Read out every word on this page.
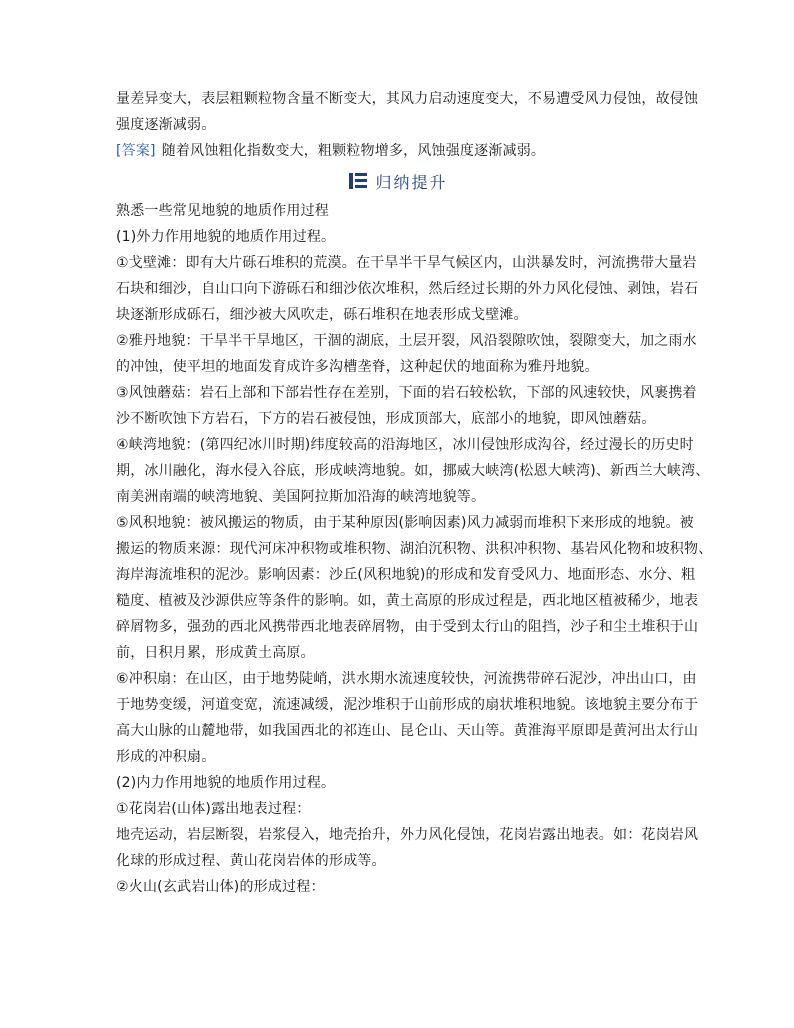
量差异变大，表层粗颗粒物含量不断变大，其风力启动速度变大，不易遭受风力侵蚀，故侵蚀
强度逐渐减弱。
[答案] 随着风蚀粗化指数变大，粗颗粒物增多，风蚀强度逐渐减弱。
归纳提升
熟悉一些常见地貌的地质作用过程
(1)外力作用地貌的地质作用过程。
①戈壁滩：即有大片砾石堆积的荒漠。在干旱半干旱气候区内，山洪暴发时，河流携带大量岩
石块和细沙，自山口向下游砾石和细沙依次堆积，然后经过长期的外力风化侵蚀、剥蚀，岩石
块逐渐形成砾石，细沙被大风吹走，砾石堆积在地表形成戈壁滩。
②雅丹地貌：干旱半干旱地区，干涸的湖底，土层开裂，风沿裂隙吹蚀，裂隙变大，加之雨水
的冲蚀，使平坦的地面发育成许多沟槽垄脊，这种起伏的地面称为雅丹地貌。
③风蚀蘑菇：岩石上部和下部岩性存在差别，下面的岩石较松软，下部的风速较快，风裹携着
沙不断吹蚀下方岩石，下方的岩石被侵蚀，形成顶部大，底部小的地貌，即风蚀蘑菇。
④峡湾地貌：(第四纪冰川时期)纬度较高的沿海地区，冰川侵蚀形成沟谷，经过漫长的历史时
期，冰川融化，海水侵入谷底，形成峡湾地貌。如，挪威大峡湾(松恩大峡湾)、新西兰大峡湾、
南美洲南端的峡湾地貌、美国阿拉斯加沿海的峡湾地貌等。
⑤风积地貌：被风搬运的物质，由于某种原因(影响因素)风力减弱而堆积下来形成的地貌。被
搬运的物质来源：现代河床冲积物或堆积物、湖泊沉积物、洪积冲积物、基岩风化物和坡积物、
海岸海流堆积的泥沙。影响因素：沙丘(风积地貌)的形成和发育受风力、地面形态、水分、粗
糙度、植被及沙源供应等条件的影响。如，黄土高原的形成过程是，西北地区植被稀少，地表
碎屑物多，强劲的西北风携带西北地表碎屑物，由于受到太行山的阻挡，沙子和尘土堆积于山
前，日积月累，形成黄土高原。
⑥冲积扇：在山区，由于地势陡峭，洪水期水流速度较快，河流携带碎石泥沙，冲出山口，由
于地势变缓，河道变宽，流速减缓，泥沙堆积于山前形成的扇状堆积地貌。该地貌主要分布于
高大山脉的山麓地带，如我国西北的祁连山、昆仑山、天山等。黄淮海平原即是黄河出太行山
形成的冲积扇。
(2)内力作用地貌的地质作用过程。
①花岗岩(山体)露出地表过程：
地壳运动，岩层断裂，岩浆侵入，地壳抬升，外力风化侵蚀，花岗岩露出地表。如：花岗岩风
化球的形成过程、黄山花岗岩体的形成等。
②火山(玄武岩山体)的形成过程：
